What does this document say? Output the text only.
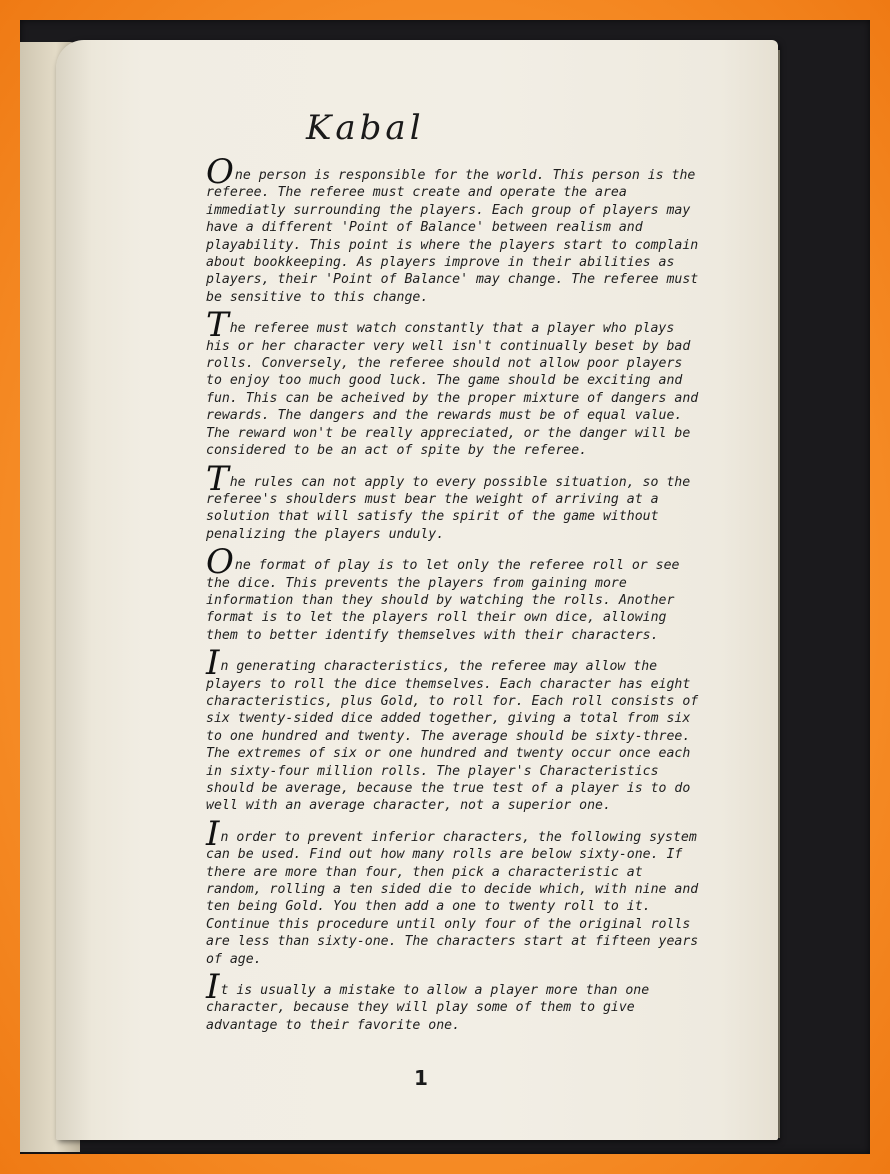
Kabal

One person is responsible for the world. This person is the referee. The referee must create and operate the area immediatly surrounding the players. Each group of players may have a different 'Point of Balance' between realism and playability. This point is where the players start to complain about bookkeeping. As players improve in their abilities as players, their 'Point of Balance' may change. The referee must be sensitive to this change.

The referee must watch constantly that a player who plays his or her character very well isn't continually beset by bad rolls. Conversely, the referee should not allow poor players to enjoy too much good luck. The game should be exciting and fun. This can be acheived by the proper mixture of dangers and rewards. The dangers and the rewards must be of equal value. The reward won't be really appreciated, or the danger will be considered to be an act of spite by the referee.

The rules can not apply to every possible situation, so the referee's shoulders must bear the weight of arriving at a solution that will satisfy the spirit of the game without penalizing the players unduly.

One format of play is to let only the referee roll or see the dice. This prevents the players from gaining more information than they should by watching the rolls. Another format is to let the players roll their own dice, allowing them to better identify themselves with their characters.

In generating characteristics, the referee may allow the players to roll the dice themselves. Each character has eight characteristics, plus Gold, to roll for. Each roll consists of six twenty-sided dice added together, giving a total from six to one hundred and twenty. The average should be sixty-three. The extremes of six or one hundred and twenty occur once each in sixty-four million rolls. The player's Characteristics should be average, because the true test of a player is to do well with an average character, not a superior one.

In order to prevent inferior characters, the following system can be used. Find out how many rolls are below sixty-one. If there are more than four, then pick a characteristic at random, rolling a ten sided die to decide which, with nine and ten being Gold. You then add a one to twenty roll to it. Continue this procedure until only four of the original rolls are less than sixty-one. The characters start at fifteen years of age.

It is usually a mistake to allow a player more than one character, because they will play some of them to give advantage to their favorite one.

1
